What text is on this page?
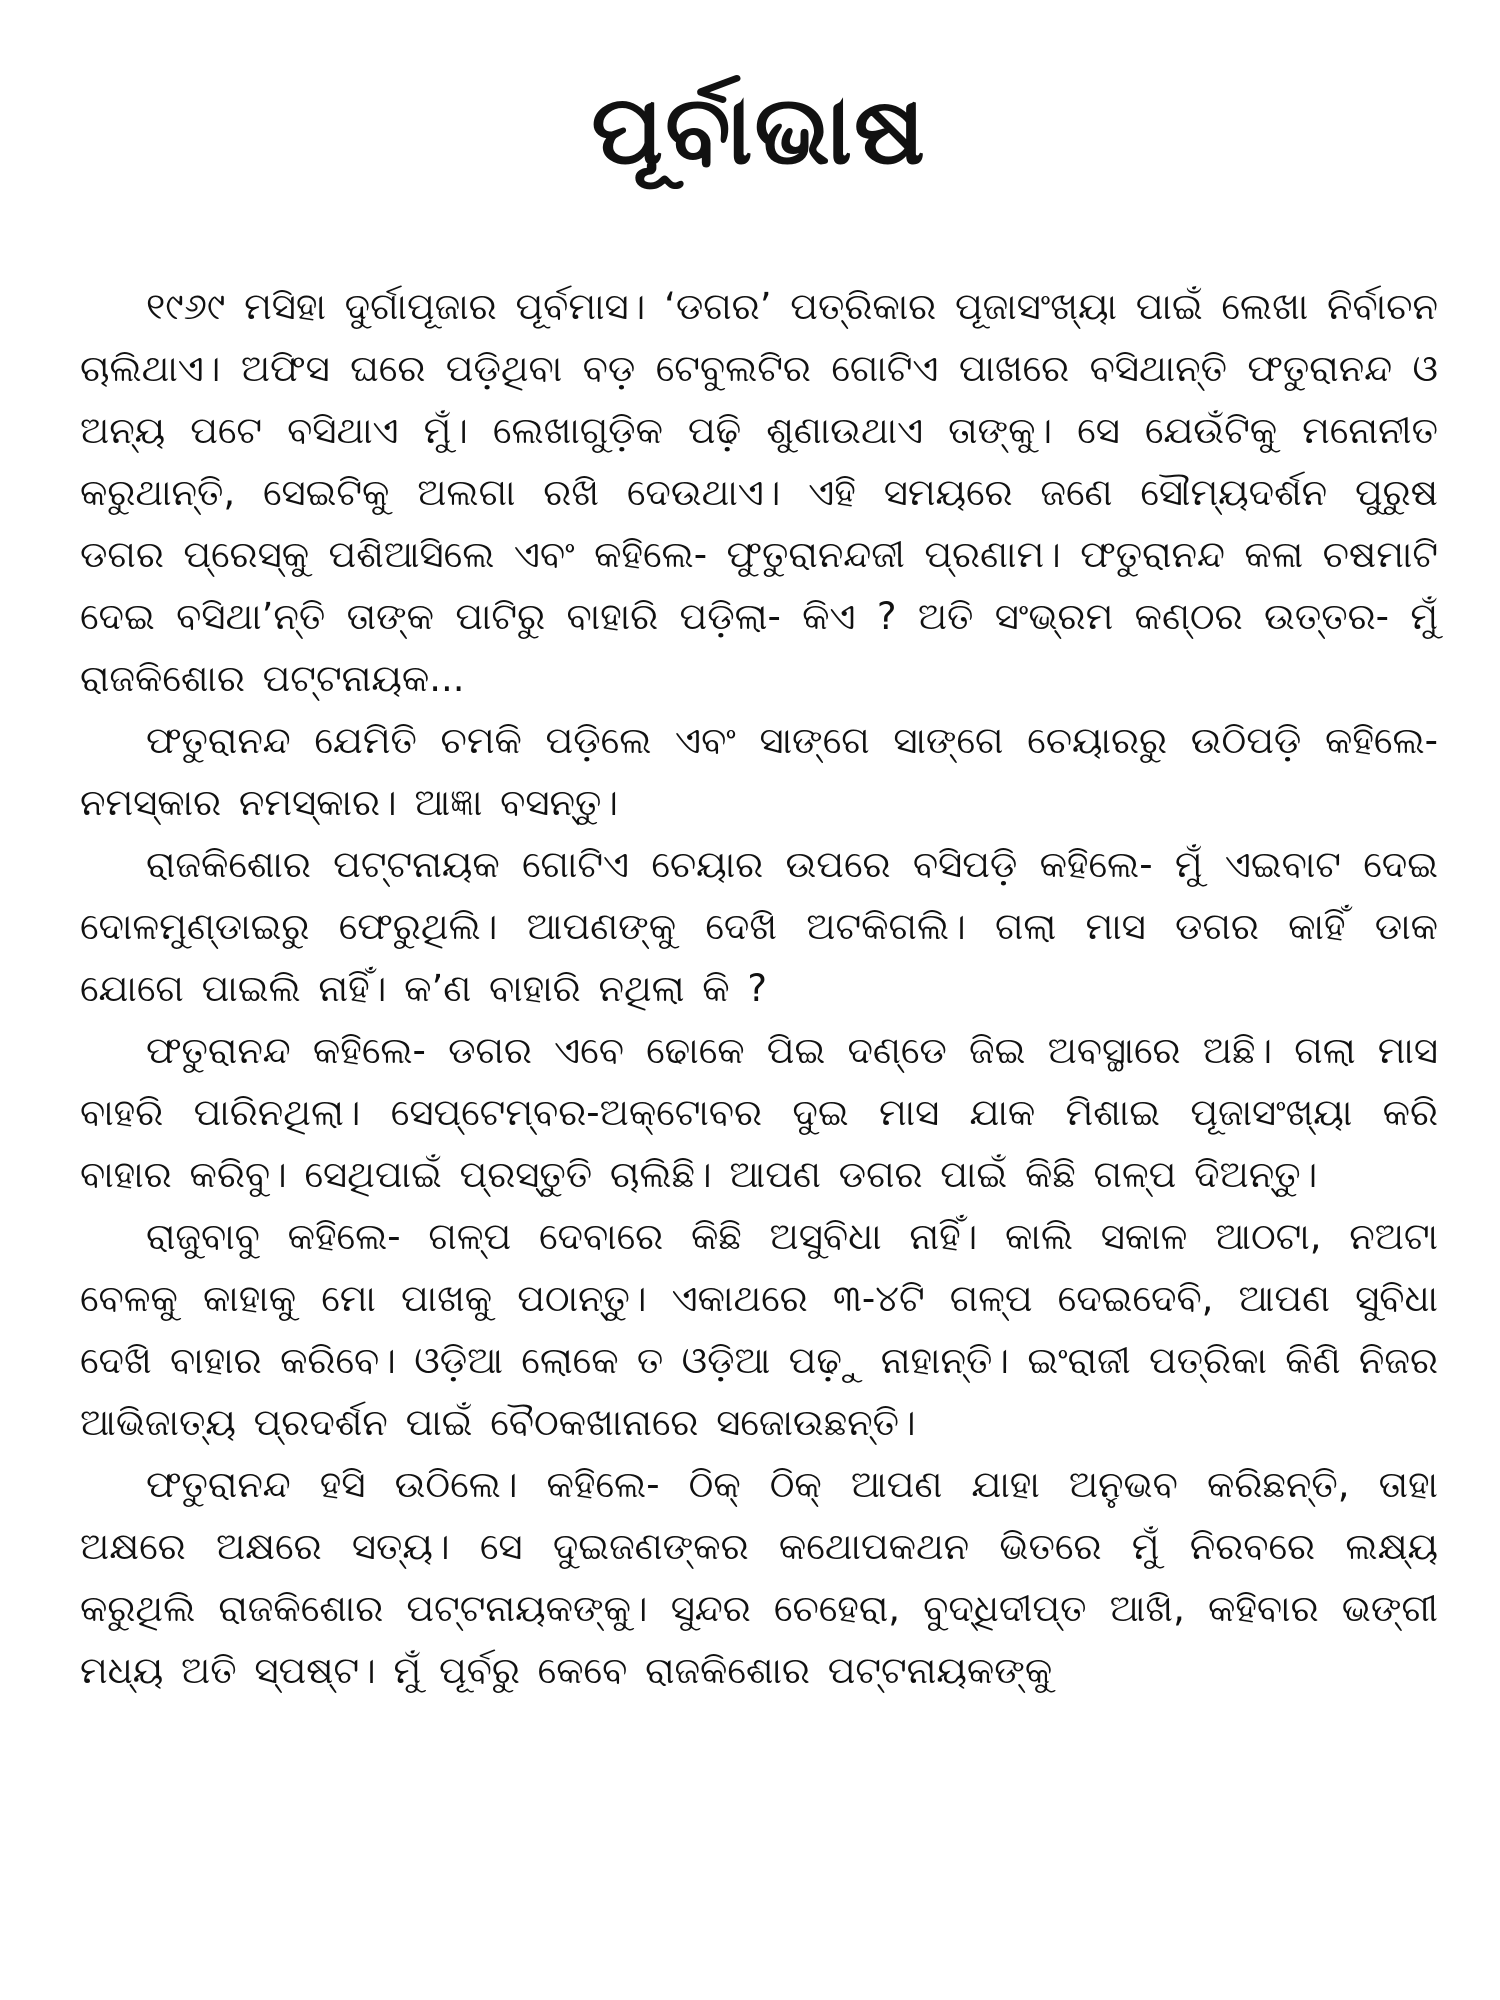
ପୂର୍ବାଭାଷ

୧୯୬୯ ମସିହା ଦୁର୍ଗାପୂଜାର ପୂର୍ବମାସ। ‘ଡଗର’ ପତ୍ରିକାର ପୂଜାସଂଖ୍ୟା ପାଇଁ ଲେଖା ନିର୍ବାଚନ ଚାଲିଥାଏ। ଅଫିସ ଘରେ ପଡ଼ିଥିବା ବଡ଼ ଟେବୁଲଟିର ଗୋଟିଏ ପାଖରେ ବସିଥାନ୍ତି ଫତୁରାନନ୍ଦ ଓ ଅନ୍ୟ ପଟେ ବସିଥାଏ ମୁଁ। ଲେଖାଗୁଡ଼ିକ ପଢ଼ି ଶୁଣାଉଥାଏ ତାଙ୍କୁ। ସେ ଯେଉଁଟିକୁ ମନୋନୀତ କରୁଥାନ୍ତି, ସେଇଟିକୁ ଅଲଗା ରଖି ଦେଉଥାଏ। ଏହି ସମୟରେ ଜଣେ ସୌମ୍ୟଦର୍ଶନ ପୁରୁଷ ଡଗର ପ୍ରେସ୍‌କୁ ପଶିଆସିଲେ ଏବଂ କହିଲେ- ଫୁତୁରାନନ୍ଦଜୀ ପ୍ରଣାମ। ଫତୁରାନନ୍ଦ କଳା ଚଷମାଟି ଦେଇ ବସିଥା’ନ୍ତି ତାଙ୍କ ପାଟିରୁ ବାହାରି ପଡ଼ିଲା- କିଏ ? ଅତି ସଂଭ୍ରମ କଣ୍ଠର ଉତ୍ତର- ମୁଁ ରାଜକିଶୋର ପଟ୍ଟନାୟକ...

ଫତୁରାନନ୍ଦ ଯେମିତି ଚମକି ପଡ଼ିଲେ ଏବଂ ସାଙ୍ଗେ ସାଙ୍ଗେ ଚେୟାରରୁ ଉଠିପଡ଼ି କହିଲେ- ନମସ୍କାର ନମସ୍କାର। ଆଜ୍ଞା ବସନ୍ତୁ।

ରାଜକିଶୋର ପଟ୍ଟନାୟକ ଗୋଟିଏ ଚେୟାର ଉପରେ ବସିପଡ଼ି କହିଲେ- ମୁଁ ଏଇବାଟ ଦେଇ ଦୋଳମୁଣ୍ଡାଇରୁ ଫେରୁଥିଲି। ଆପଣଙ୍କୁ ଦେଖି ଅଟକିଗଲି। ଗଲା ମାସ ଡଗର କାହିଁ ଡାକ ଯୋଗେ ପାଇଲି ନାହିଁ। କ’ଣ ବାହାରି ନଥିଲା କି ?

ଫତୁରାନନ୍ଦ କହିଲେ- ଡଗର ଏବେ ଢୋକେ ପିଇ ଦଣ୍ଡେ ଜିଇ ଅବସ୍ଥାରେ ଅଛି। ଗଲା ମାସ ବାହରି ପାରିନଥିଲା। ସେପ୍ଟେମ୍ବର-ଅକ୍ଟୋବର ଦୁଇ ମାସ ଯାକ ମିଶାଇ ପୂଜାସଂଖ୍ୟା କରି ବାହାର କରିବୁ। ସେଥିପାଇଁ ପ୍ରସ୍ତୁତି ଚାଲିଛି। ଆପଣ ଡଗର ପାଇଁ କିଛି ଗଳ୍ପ ଦିଅନ୍ତୁ।

ରାଜୁବାବୁ କହିଲେ- ଗଳ୍ପ ଦେବାରେ କିଛି ଅସୁବିଧା ନାହିଁ। କାଲି ସକାଳ ଆଠଟା, ନଅଟା ବେଳକୁ କାହାକୁ ମୋ ପାଖକୁ ପଠାନ୍ତୁ। ଏକାଥରେ ୩-୪ଟି ଗଳ୍ପ ଦେଇଦେବି, ଆପଣ ସୁବିଧା ଦେଖି ବାହାର କରିବେ। ଓଡ଼ିଆ ଲୋକେ ତ ଓଡ଼ିଆ ପଢ଼ୁ ନାହାନ୍ତି। ଇଂରାଜୀ ପତ୍ରିକା କିଣି ନିଜର ଆଭିଜାତ୍ୟ ପ୍ରଦର୍ଶନ ପାଇଁ ବୈଠକଖାନାରେ ସଜୋଉଛନ୍ତି।

ଫତୁରାନନ୍ଦ ହସି ଉଠିଲେ। କହିଲେ- ଠିକ୍ ଠିକ୍ ଆପଣ ଯାହା ଅନୁଭବ କରିଛନ୍ତି, ତାହା ଅକ୍ଷରେ ଅକ୍ଷରେ ସତ୍ୟ। ସେ ଦୁଇଜଣଙ୍କର କଥୋପକଥନ ଭିତରେ ମୁଁ ନିରବରେ ଲକ୍ଷ୍ୟ କରୁଥିଲି ରାଜକିଶୋର ପଟ୍ଟନାୟକଙ୍କୁ। ସୁନ୍ଦର ଚେହେରା, ବୁଦ୍ଧିଦୀପ୍ତ ଆଖି, କହିବାର ଭଙ୍ଗୀ ମଧ୍ୟ ଅତି ସ୍ପଷ୍ଟ। ମୁଁ ପୂର୍ବରୁ କେବେ ରାଜକିଶୋର ପଟ୍ଟନାୟକଙ୍କୁ
